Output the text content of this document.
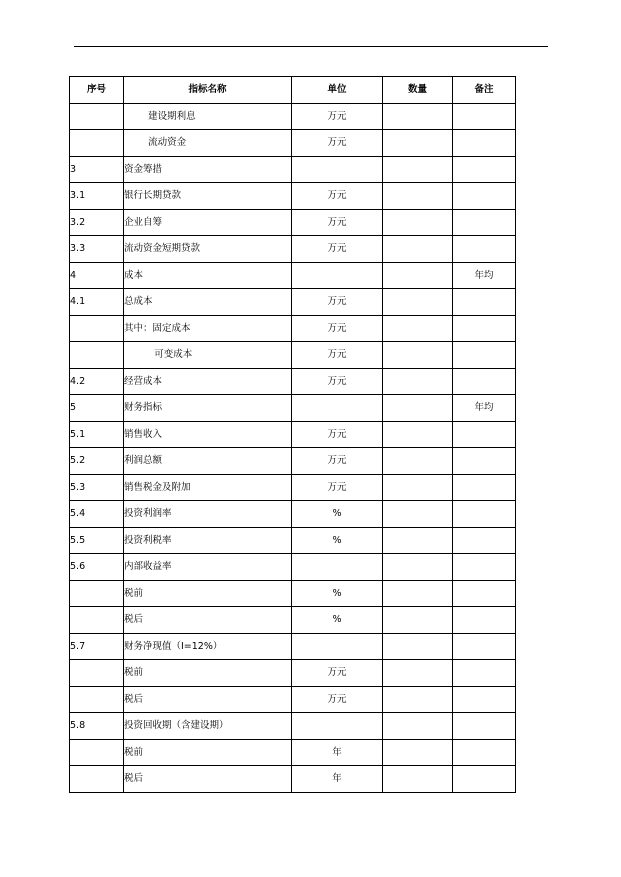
序号	指标名称	单位	数量	备注
	建设期利息	万元		
	流动资金	万元		
3	资金筹措			
3.1	银行长期贷款	万元		
3.2	企业自筹	万元		
3.3	流动资金短期贷款	万元		
4	成本			年均
4.1	总成本	万元		
	其中：固定成本	万元		
	可变成本	万元		
4.2	经营成本	万元		
5	财务指标			年均
5.1	销售收入	万元		
5.2	利润总额	万元		
5.3	销售税金及附加	万元		
5.4	投资利润率	%		
5.5	投资利税率	%		
5.6	内部收益率			
	税前	%		
	税后	%		
5.7	财务净现值（I=12%）			
	税前	万元		
	税后	万元		
5.8	投资回收期（含建设期）			
	税前	年		
	税后	年		
